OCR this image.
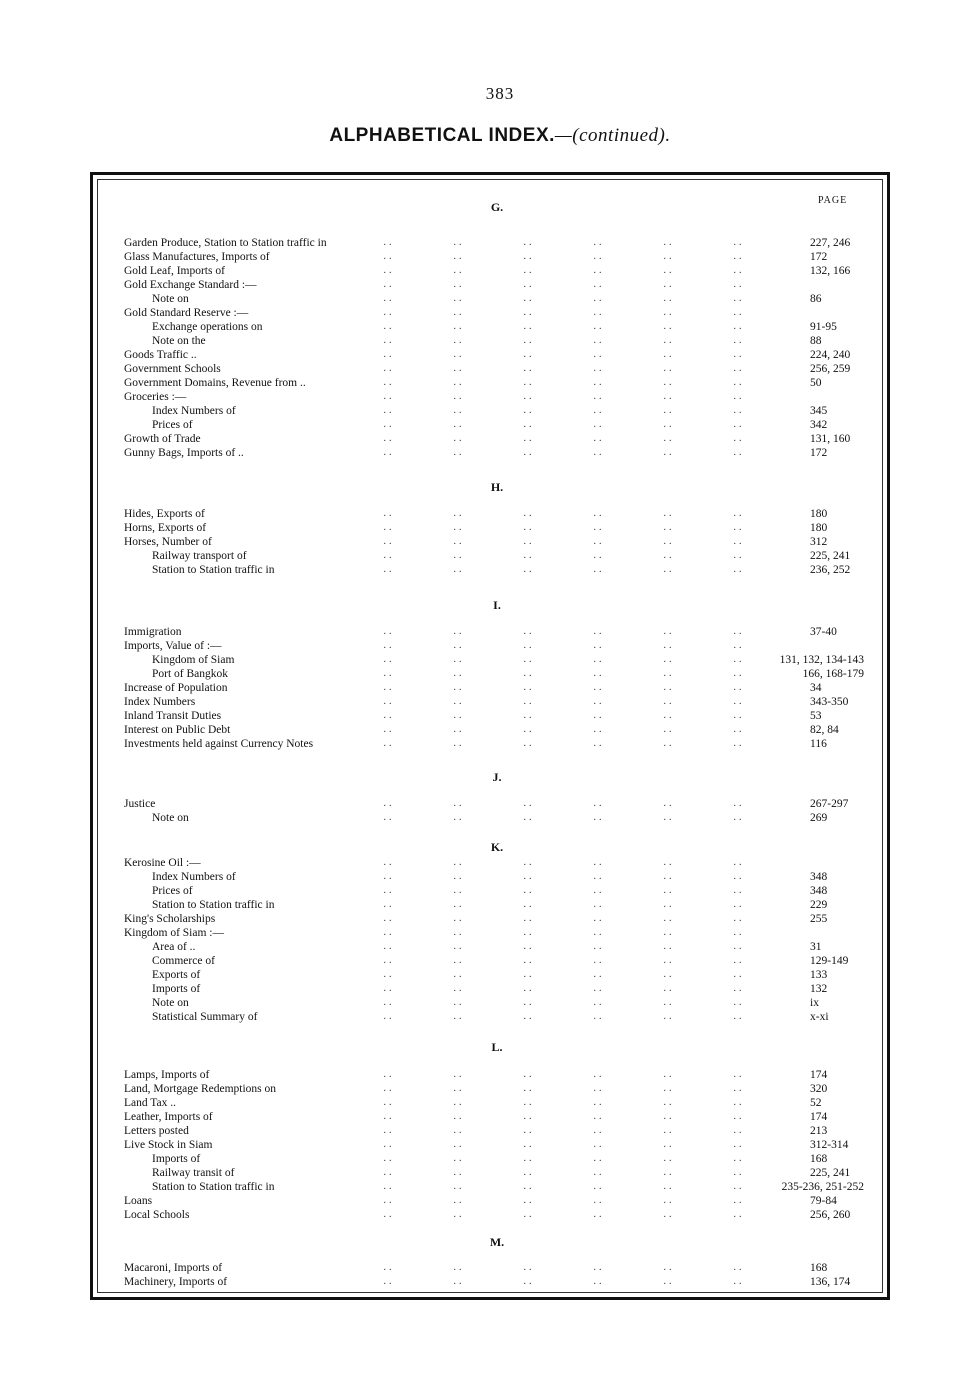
383
ALPHABETICAL INDEX.—(continued).
PAGE
G.
Garden Produce, Station to Station traffic in	..	..	..	..	..	..	227, 246
Glass Manufactures, Imports of	..	..	..	..	..	..	172
Gold Leaf, Imports of	..	..	..	..	..	..	132, 166
Gold Exchange Standard :—	..	..	..	..	..	..
Note on	..	..	..	..	..	..	86
Gold Standard Reserve :—	..	..	..	..	..	..
Exchange operations on	..	..	..	..	..	..	91-95
Note on the	..	..	..	..	..	..	88
Goods Traffic ..	..	..	..	..	..	..	224, 240
Government Schools	..	..	..	..	..	..	256, 259
Government Domains, Revenue from ..	..	..	..	..	..	..	50
Groceries :—	..	..	..	..	..	..
Index Numbers of	..	..	..	..	..	..	345
Prices of	..	..	..	..	..	..	342
Growth of Trade	..	..	..	..	..	..	131, 160
Gunny Bags, Imports of ..	..	..	..	..	..	..	172
H.
Hides, Exports of	..	..	..	..	..	..	180
Horns, Exports of	..	..	..	..	..	..	180
Horses, Number of	..	..	..	..	..	..	312
Railway transport of	..	..	..	..	..	..	225, 241
Station to Station traffic in	..	..	..	..	..	..	236, 252
I.
Immigration	..	..	..	..	..	..	37-40
Imports, Value of :—	..	..	..	..	..	..
Kingdom of Siam	..	..	..	..	..	..	131, 132, 134-143
Port of Bangkok	..	..	..	..	..	..	166, 168-179
Increase of Population	..	..	..	..	..	..	34
Index Numbers	..	..	..	..	..	..	343-350
Inland Transit Duties	..	..	..	..	..	..	53
Interest on Public Debt	..	..	..	..	..	..	82, 84
Investments held against Currency Notes	..	..	..	..	..	..	116
J.
Justice	..	..	..	..	..	..	267-297
Note on	..	..	..	..	..	..	269
K.
Kerosine Oil :—	..	..	..	..	..	..
Index Numbers of	..	..	..	..	..	..	348
Prices of	..	..	..	..	..	..	348
Station to Station traffic in	..	..	..	..	..	..	229
King's Scholarships	..	..	..	..	..	..	255
Kingdom of Siam :—	..	..	..	..	..	..
Area of ..	..	..	..	..	..	..	31
Commerce of	..	..	..	..	..	..	129-149
Exports of	..	..	..	..	..	..	133
Imports of	..	..	..	..	..	..	132
Note on	..	..	..	..	..	..	ix
Statistical Summary of	..	..	..	..	..	..	x-xi
L.
Lamps, Imports of	..	..	..	..	..	..	174
Land, Mortgage Redemptions on	..	..	..	..	..	..	320
Land Tax ..	..	..	..	..	..	..	52
Leather, Imports of	..	..	..	..	..	..	174
Letters posted	..	..	..	..	..	..	213
Live Stock in Siam	..	..	..	..	..	..	312-314
Imports of	..	..	..	..	..	..	168
Railway transit of	..	..	..	..	..	..	225, 241
Station to Station traffic in	..	..	..	..	..	..	235-236, 251-252
Loans	..	..	..	..	..	..	79-84
Local Schools	..	..	..	..	..	..	256, 260
M.
Macaroni, Imports of	..	..	..	..	..	..	168
Machinery, Imports of	..	..	..	..	..	..	136, 174
